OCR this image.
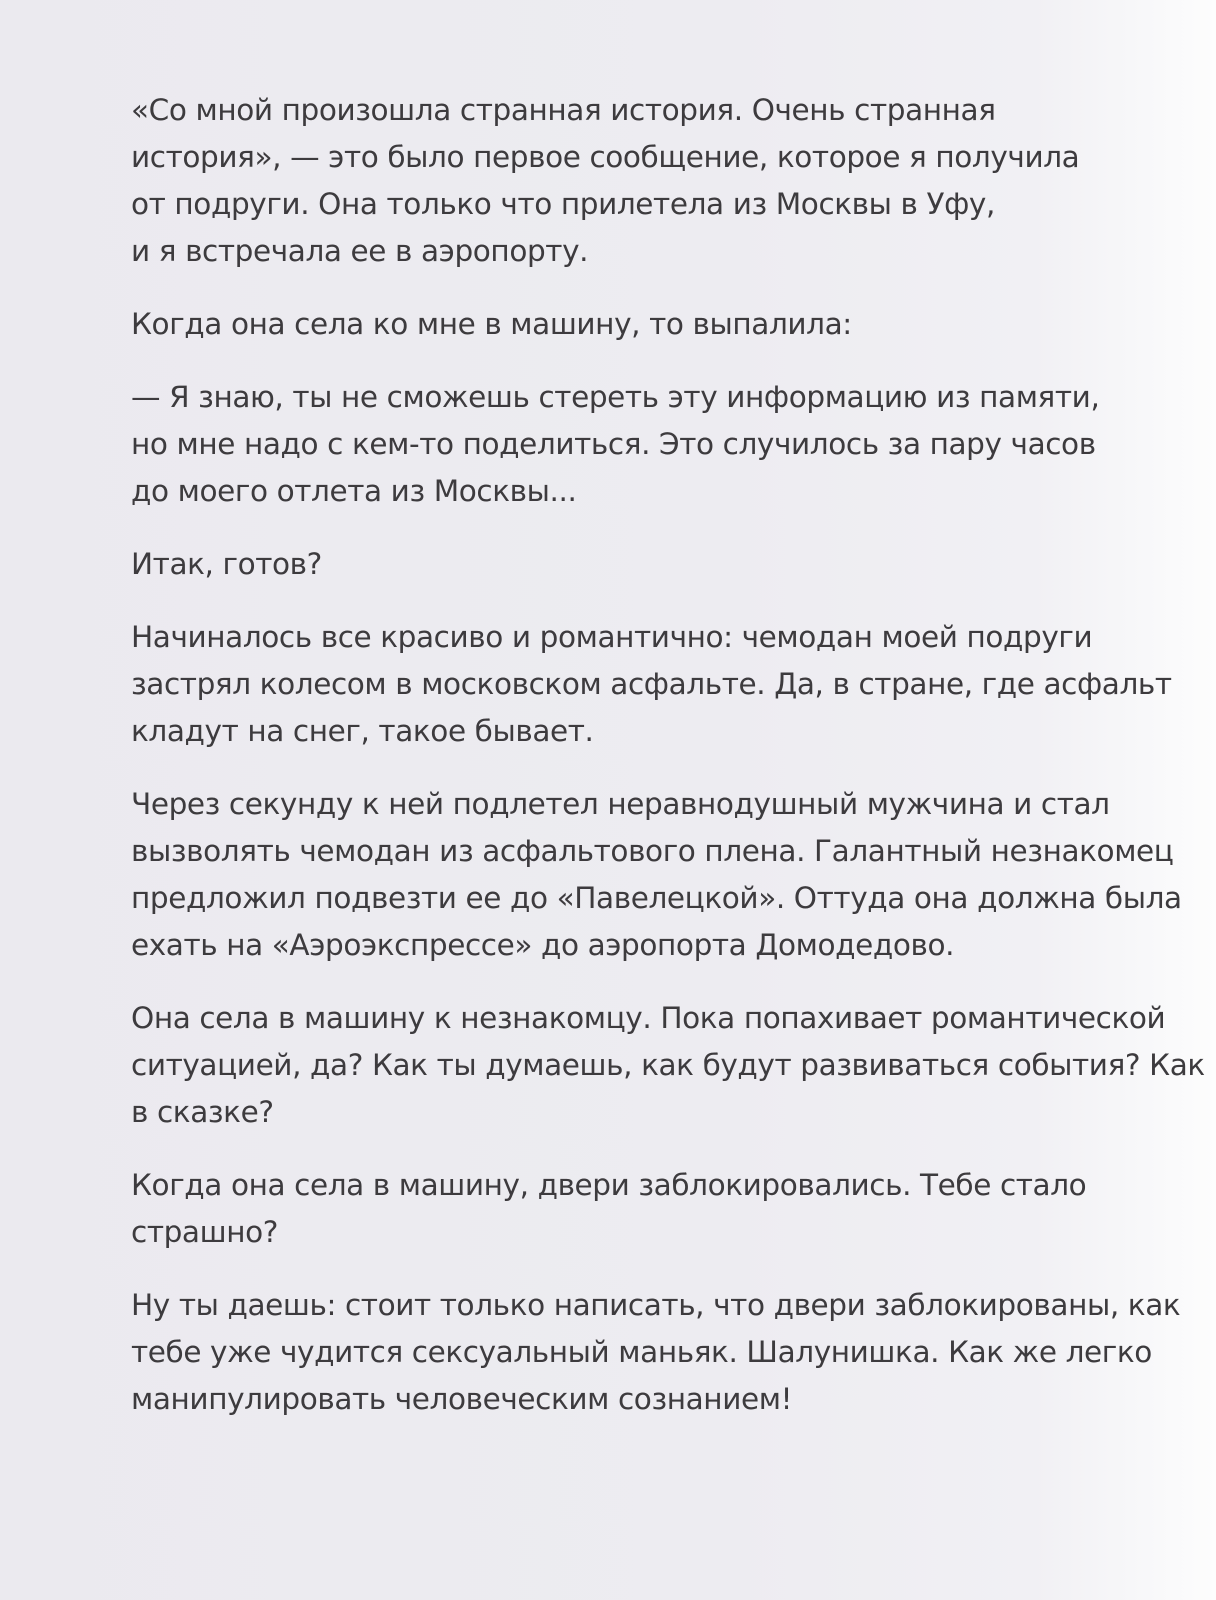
«Со мной произошла странная история. Очень странная
история», — это было первое сообщение, которое я получила
от подруги. Она только что прилетела из Москвы в Уфу,
и я встречала ее в аэропорту.

Когда она села ко мне в машину, то выпалила:

— Я знаю, ты не сможешь стереть эту информацию из памяти,
но мне надо с кем-то поделиться. Это случилось за пару часов
до моего отлета из Москвы...

Итак, готов?

Начиналось все красиво и романтично: чемодан моей подруги
застрял колесом в московском асфальте. Да, в стране, где асфальт
кладут на снег, такое бывает.

Через секунду к ней подлетел неравнодушный мужчина и стал
вызволять чемодан из асфальтового плена. Галантный незнакомец
предложил подвезти ее до «Павелецкой». Оттуда она должна была
ехать на «Аэроэкспрессе» до аэропорта Домодедово.

Она села в машину к незнакомцу. Пока попахивает романтической
ситуацией, да? Как ты думаешь, как будут развиваться события? Как
в сказке?

Когда она села в машину, двери заблокировались. Тебе стало
страшно?

Ну ты даешь: стоит только написать, что двери заблокированы, как
тебе уже чудится сексуальный маньяк. Шалунишка. Как же легко
манипулировать человеческим сознанием!
